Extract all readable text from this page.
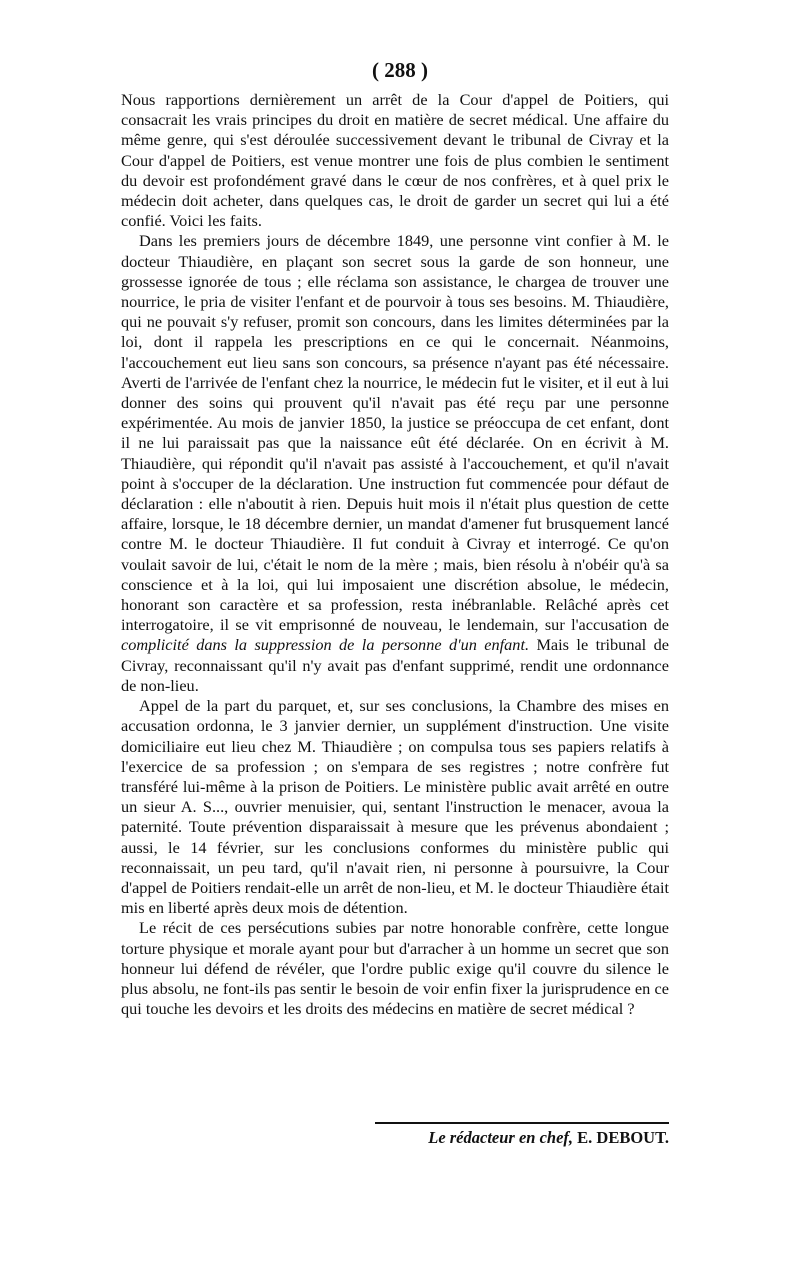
( 288 )

Nous rapportions dernièrement un arrêt de la Cour d'appel de Poitiers, qui consacrait les vrais principes du droit en matière de secret médical. Une affaire du même genre, qui s'est déroulée successivement devant le tribunal de Civray et la Cour d'appel de Poitiers, est venue montrer une fois de plus combien le sentiment du devoir est profondément gravé dans le cœur de nos confrères, et à quel prix le médecin doit acheter, dans quelques cas, le droit de garder un secret qui lui a été confié. Voici les faits.

Dans les premiers jours de décembre 1849, une personne vint confier à M. le docteur Thiaudière, en plaçant son secret sous la garde de son honneur, une grossesse ignorée de tous ; elle réclama son assistance, le chargea de trouver une nourrice, le pria de visiter l'enfant et de pourvoir à tous ses besoins. M. Thiaudière, qui ne pouvait s'y refuser, promit son concours, dans les limites déterminées par la loi, dont il rappela les prescriptions en ce qui le concernait. Néanmoins, l'accouchement eut lieu sans son concours, sa présence n'ayant pas été nécessaire. Averti de l'arrivée de l'enfant chez la nourrice, le médecin fut le visiter, et il eut à lui donner des soins qui prouvent qu'il n'avait pas été reçu par une personne expérimentée. Au mois de janvier 1850, la justice se préoccupa de cet enfant, dont il ne lui paraissait pas que la naissance eût été déclarée. On en écrivit à M. Thiaudière, qui répondit qu'il n'avait pas assisté à l'accouchement, et qu'il n'avait point à s'occuper de la déclaration. Une instruction fut commencée pour défaut de déclaration : elle n'aboutit à rien. Depuis huit mois il n'était plus question de cette affaire, lorsque, le 18 décembre dernier, un mandat d'amener fut brusquement lancé contre M. le docteur Thiaudière. Il fut conduit à Civray et interrogé. Ce qu'on voulait savoir de lui, c'était le nom de la mère ; mais, bien résolu à n'obéir qu'à sa conscience et à la loi, qui lui imposaient une discrétion absolue, le médecin, honorant son caractère et sa profession, resta inébranlable. Relâché après cet interrogatoire, il se vit emprisonné de nouveau, le lendemain, sur l'accusation de complicité dans la suppression de la personne d'un enfant. Mais le tribunal de Civray, reconnaissant qu'il n'y avait pas d'enfant supprimé, rendit une ordonnance de non-lieu.

Appel de la part du parquet, et, sur ses conclusions, la Chambre des mises en accusation ordonna, le 3 janvier dernier, un supplément d'instruction. Une visite domiciliaire eut lieu chez M. Thiaudière ; on compulsa tous ses papiers relatifs à l'exercice de sa profession ; on s'empara de ses registres ; notre confrère fut transféré lui-même à la prison de Poitiers. Le ministère public avait arrêté en outre un sieur A. S..., ouvrier menuisier, qui, sentant l'instruction le menacer, avoua la paternité. Toute prévention disparaissait à mesure que les prévenus abondaient ; aussi, le 14 février, sur les conclusions conformes du ministère public qui reconnaissait, un peu tard, qu'il n'avait rien, ni personne à poursuivre, la Cour d'appel de Poitiers rendait-elle un arrêt de non-lieu, et M. le docteur Thiaudière était mis en liberté après deux mois de détention.

Le récit de ces persécutions subies par notre honorable confrère, cette longue torture physique et morale ayant pour but d'arracher à un homme un secret que son honneur lui défend de révéler, que l'ordre public exige qu'il couvre du silence le plus absolu, ne font-ils pas sentir le besoin de voir enfin fixer la jurisprudence en ce qui touche les devoirs et les droits des médecins en matière de secret médical ?

Le rédacteur en chef, E. DEBOUT.
